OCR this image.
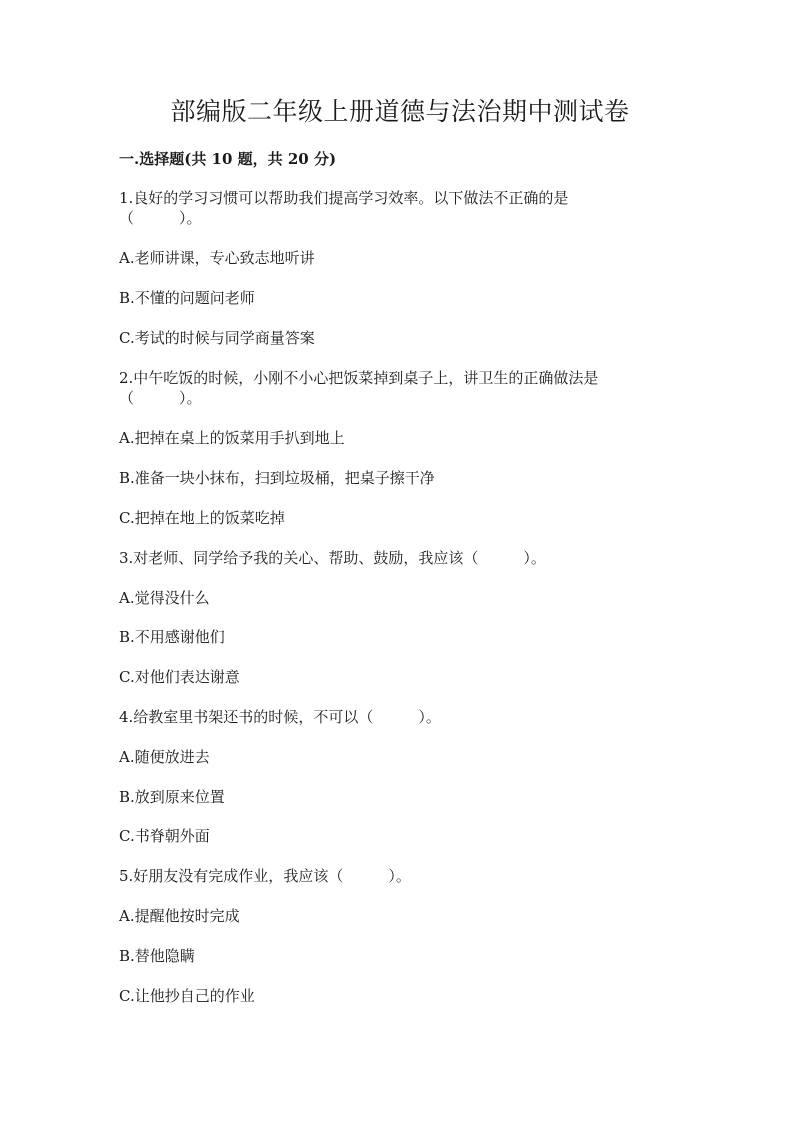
部编版二年级上册道德与法治期中测试卷
一.选择题(共 10 题，共 20 分)
1.良好的学习习惯可以帮助我们提高学习效率。以下做法不正确的是
（　　　）。
A.老师讲课，专心致志地听讲
B.不懂的问题问老师
C.考试的时候与同学商量答案
2.中午吃饭的时候，小刚不小心把饭菜掉到桌子上，讲卫生的正确做法是
（　　　）。
A.把掉在桌上的饭菜用手扒到地上
B.准备一块小抹布，扫到垃圾桶，把桌子擦干净
C.把掉在地上的饭菜吃掉
3.对老师、同学给予我的关心、帮助、鼓励，我应该（　　　）。
A.觉得没什么
B.不用感谢他们
C.对他们表达谢意
4.给教室里书架还书的时候，不可以（　　　）。
A.随便放进去
B.放到原来位置
C.书脊朝外面
5.好朋友没有完成作业，我应该（　　　）。
A.提醒他按时完成
B.替他隐瞒
C.让他抄自己的作业
